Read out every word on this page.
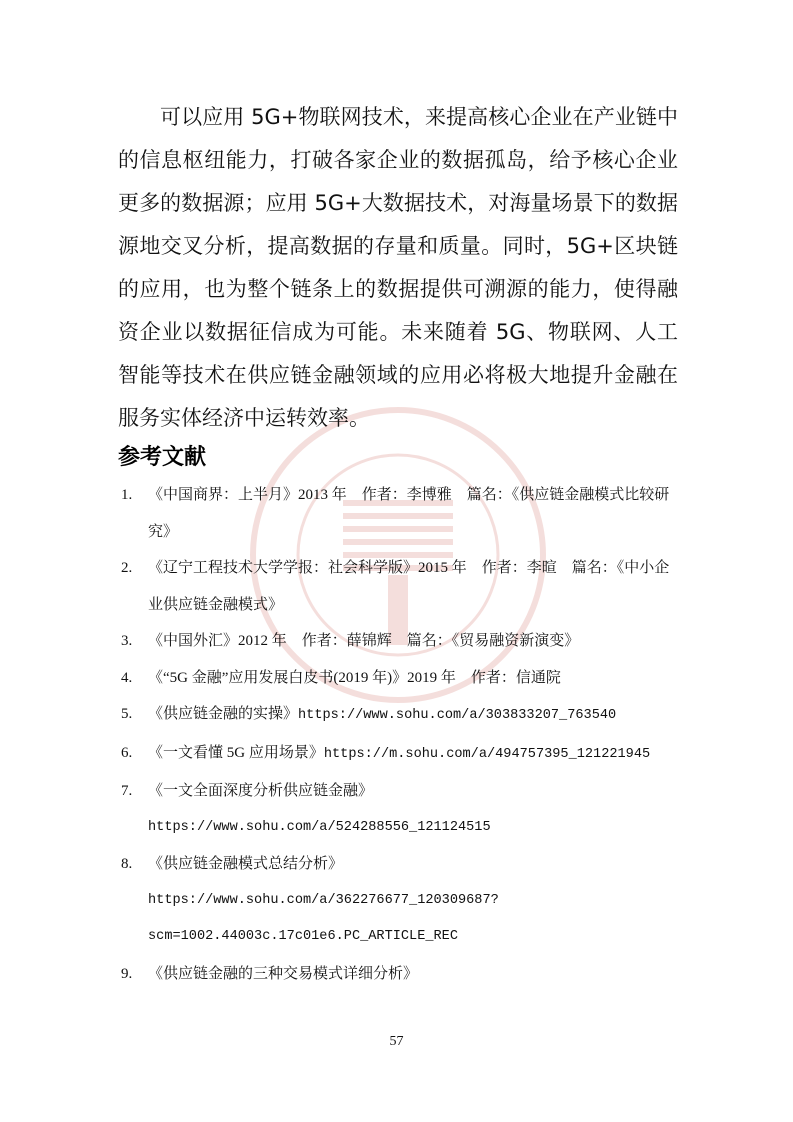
可以应用 5G+物联网技术，来提高核心企业在产业链中的信息枢纽能力，打破各家企业的数据孤岛，给予核心企业更多的数据源；应用 5G+大数据技术，对海量场景下的数据源地交叉分析，提高数据的存量和质量。同时，5G+区块链的应用，也为整个链条上的数据提供可溯源的能力，使得融资企业以数据征信成为可能。未来随着 5G、物联网、人工智能等技术在供应链金融领域的应用必将极大地提升金融在服务实体经济中运转效率。

参考文献
1. 《中国商界：上半月》2013 年　作者：李博雅　篇名：《供应链金融模式比较研究》
2. 《辽宁工程技术大学学报：社会科学版》2015 年　作者：李暄　篇名：《中小企业供应链金融模式》
3. 《中国外汇》2012 年　作者：薛锦辉　篇名：《贸易融资新演变》
4. 《“5G 金融”应用发展白皮书(2019 年)》2019 年　作者：信通院
5. 《供应链金融的实操》https://www.sohu.com/a/303833207_763540
6. 《一文看懂 5G 应用场景》https://m.sohu.com/a/494757395_121221945
7. 《一文全面深度分析供应链金融》
https://www.sohu.com/a/524288556_121124515
8. 《供应链金融模式总结分析》
https://www.sohu.com/a/362276677_120309687?scm=1002.44003c.17c01e6.PC_ARTICLE_REC
9. 《供应链金融的三种交易模式详细分析》
57
